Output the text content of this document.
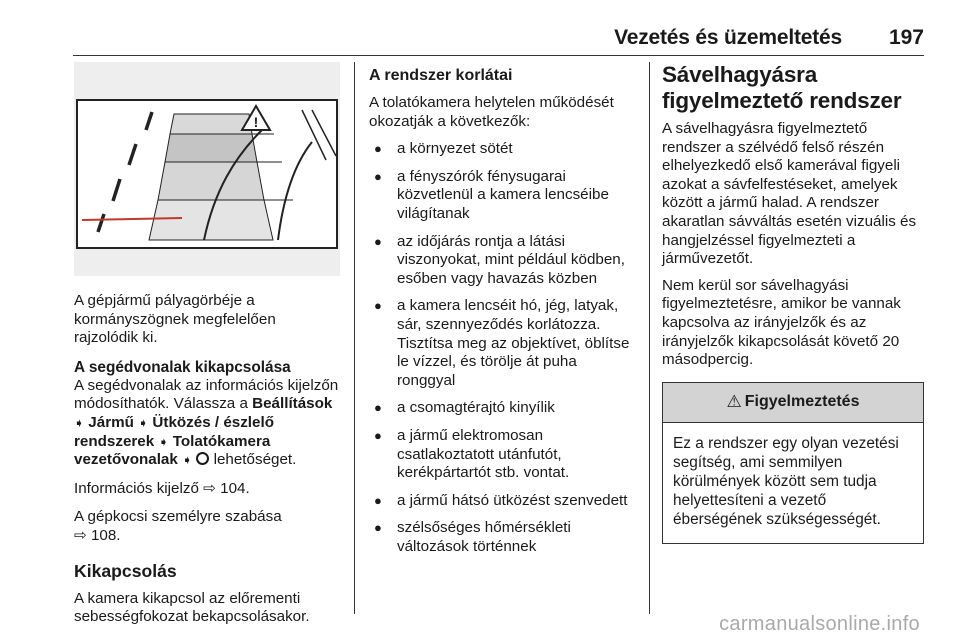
Vezetés és üzemeltetés 197
!

A gépjármű pályagörbéje a kormányszögnek megfelelően rajzolódik ki.

A segédvonalak kikapcsolása

A segédvonalak az információs kijelzőn módosíthatók. Válassza a Beállítások ➧ Jármű ➧ Ütközés / észlelő rendszerek ➧ Tolatókamera vezetővonalak ➧  lehetőséget.

Információs kijelző ⇨ 104.

A gépkocsi személyre szabása
⇨ 108.

Kikapcsolás

A kamera kikapcsol az előrementi sebességfokozat bekapcsolásakor.

A rendszer korlátai

A tolatókamera helytelen működését okozatják a következők:

● a környezet sötét
● a fényszórók fénysugarai közvetlenül a kamera lencséibe világítanak
● az időjárás rontja a látási viszonyokat, mint például ködben, esőben vagy havazás közben
● a kamera lencséit hó, jég, latyak, sár, szennyeződés korlátozza. Tisztítsa meg az objektívet, öblítse le vízzel, és törölje át puha ronggyal
● a csomagtérajtó kinyílik
● a jármű elektromosan csatlakoztatott utánfutót, kerékpártartót stb. vontat.
● a jármű hátsó ütközést szenvedett
● szélsőséges hőmérsékleti változások történnek
Sávelhagyásra figyelmeztető rendszer

A sávelhagyásra figyelmeztető rendszer a szélvédő felső részén elhelyezkedő első kamerával figyeli azokat a sávfelfestéseket, amelyek között a jármű halad. A rendszer akaratlan sávváltás esetén vizuális és hangjelzéssel figyelmezteti a járművezetőt.

Nem kerül sor sávelhagyási figyelmeztetésre, amikor be vannak kapcsolva az irányjelzők és az irányjelzők kikapcsolását követő 20 másodpercig.

⚠ Figyelmeztetés
Ez a rendszer egy olyan vezetési segítség, ami semmilyen körülmények között sem tudja helyettesíteni a vezető éberségének szükségességét.
carmanualsonline.info
